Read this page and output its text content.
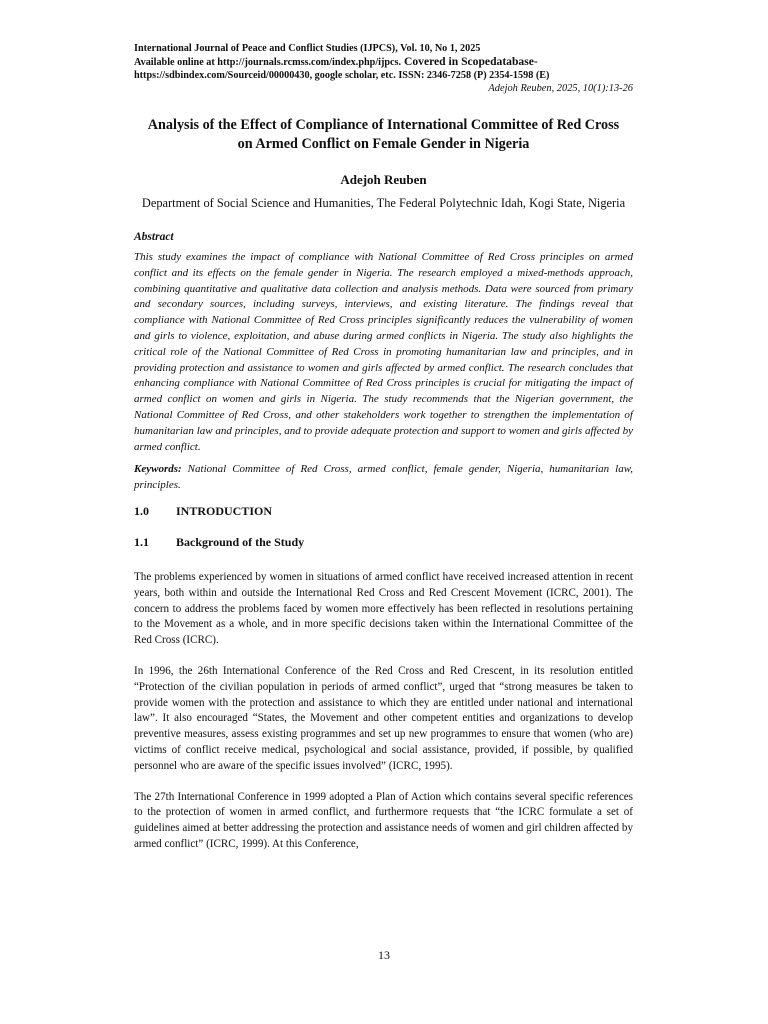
International Journal of Peace and Conflict Studies (IJPCS), Vol. 10, No 1, 2025
Available online at http://journals.rcmss.com/index.php/ijpcs. Covered in Scopedatabase-
https://sdbindex.com/Sourceid/00000430, google scholar, etc. ISSN: 2346-7258 (P) 2354-1598 (E)
Adejoh Reuben, 2025, 10(1):13-26
Analysis of the Effect of Compliance of International Committee of Red Cross on Armed Conflict on Female Gender in Nigeria
Adejoh Reuben
Department of Social Science and Humanities, The Federal Polytechnic Idah, Kogi State, Nigeria
Abstract
This study examines the impact of compliance with National Committee of Red Cross principles on armed conflict and its effects on the female gender in Nigeria. The research employed a mixed-methods approach, combining quantitative and qualitative data collection and analysis methods. Data were sourced from primary and secondary sources, including surveys, interviews, and existing literature. The findings reveal that compliance with National Committee of Red Cross principles significantly reduces the vulnerability of women and girls to violence, exploitation, and abuse during armed conflicts in Nigeria. The study also highlights the critical role of the National Committee of Red Cross in promoting humanitarian law and principles, and in providing protection and assistance to women and girls affected by armed conflict. The research concludes that enhancing compliance with National Committee of Red Cross principles is crucial for mitigating the impact of armed conflict on women and girls in Nigeria. The study recommends that the Nigerian government, the National Committee of Red Cross, and other stakeholders work together to strengthen the implementation of humanitarian law and principles, and to provide adequate protection and support to women and girls affected by armed conflict.
Keywords: National Committee of Red Cross, armed conflict, female gender, Nigeria, humanitarian law, principles.
1.0	INTRODUCTION
1.1	Background of the Study

The problems experienced by women in situations of armed conflict have received increased attention in recent years, both within and outside the International Red Cross and Red Crescent Movement (ICRC, 2001). The concern to address the problems faced by women more effectively has been reflected in resolutions pertaining to the Movement as a whole, and in more specific decisions taken within the International Committee of the Red Cross (ICRC).

In 1996, the 26th International Conference of the Red Cross and Red Crescent, in its resolution entitled “Protection of the civilian population in periods of armed conflict”, urged that “strong measures be taken to provide women with the protection and assistance to which they are entitled under national and international law”. It also encouraged “States, the Movement and other competent entities and organizations to develop preventive measures, assess existing programmes and set up new programmes to ensure that women (who are) victims of conflict receive medical, psychological and social assistance, provided, if possible, by qualified personnel who are aware of the specific issues involved” (ICRC, 1995).

The 27th International Conference in 1999 adopted a Plan of Action which contains several specific references to the protection of women in armed conflict, and furthermore requests that “the ICRC formulate a set of guidelines aimed at better addressing the protection and assistance needs of women and girl children affected by armed conflict” (ICRC, 1999). At this Conference,

13
